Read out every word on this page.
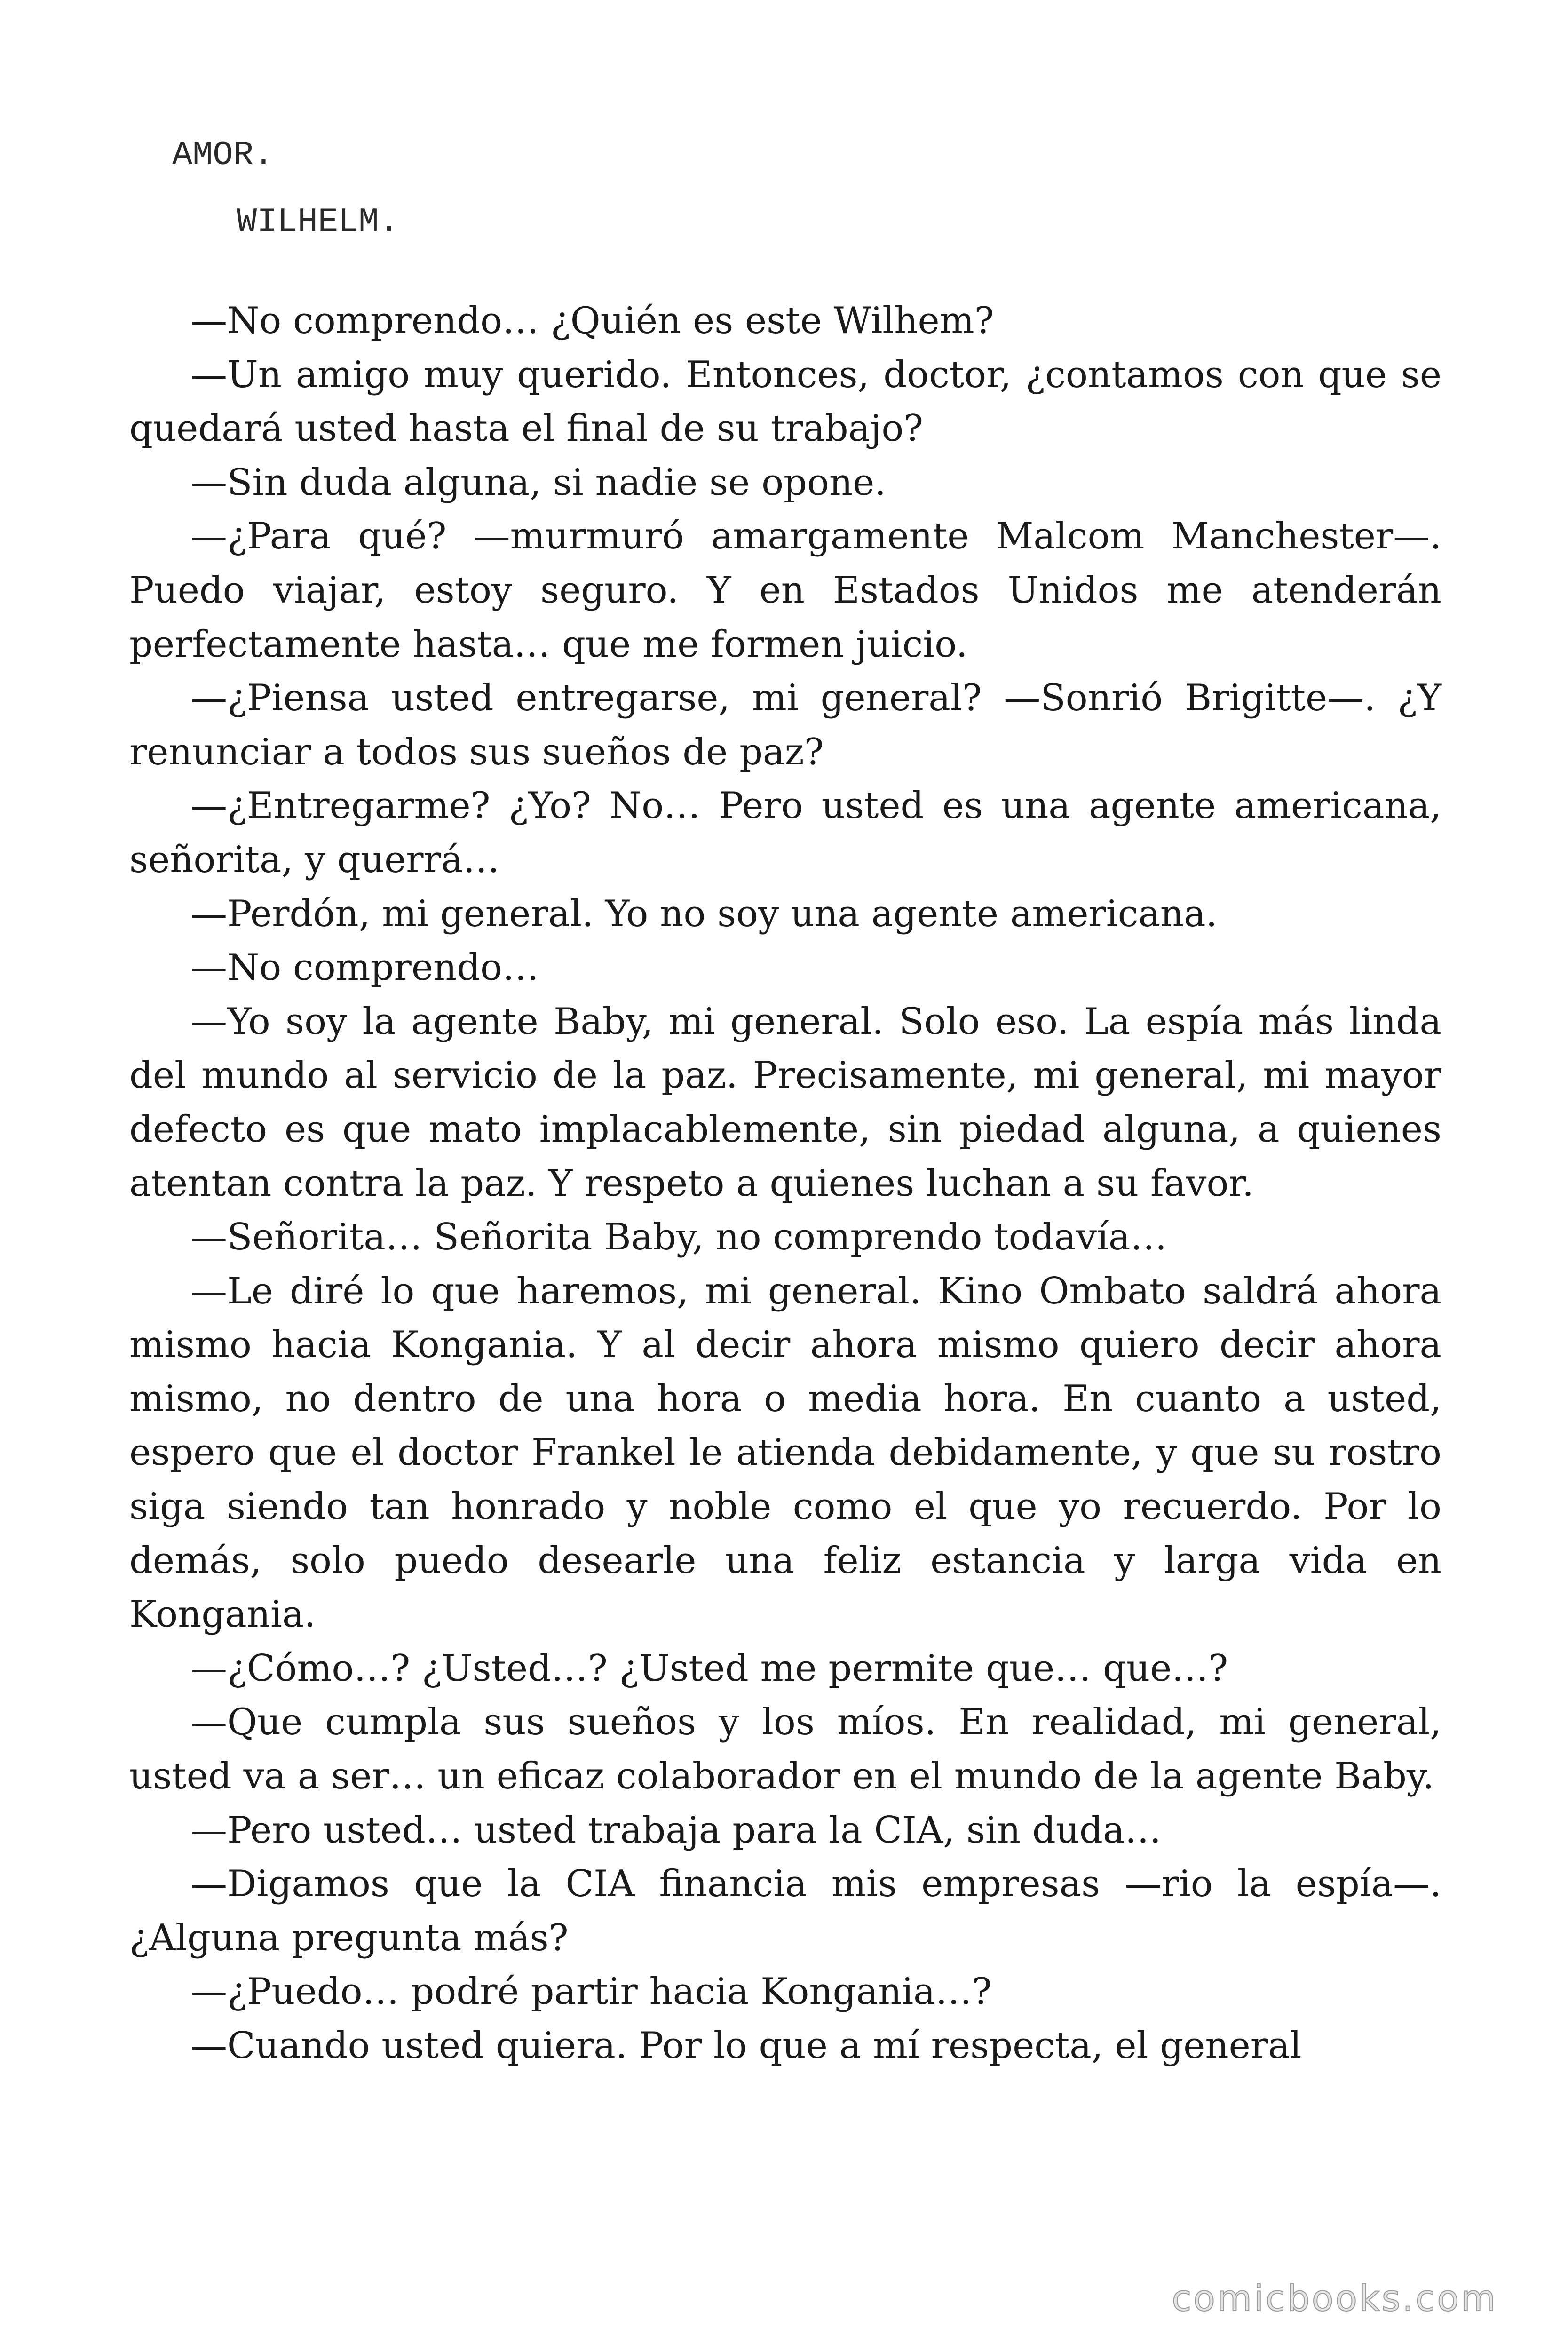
AMOR.
WILHELM.

—No comprendo… ¿Quién es este Wilhem?

—Un amigo muy querido. Entonces, doctor, ¿contamos con que se quedará usted hasta el final de su trabajo?

—Sin duda alguna, si nadie se opone.

—¿Para qué? —murmuró amargamente Malcom Manchester—. Puedo viajar, estoy seguro. Y en Estados Unidos me atenderán perfectamente hasta… que me formen juicio.

—¿Piensa usted entregarse, mi general? —Sonrió Brigitte—. ¿Y renunciar a todos sus sueños de paz?

—¿Entregarme? ¿Yo? No… Pero usted es una agente americana, señorita, y querrá…

—Perdón, mi general. Yo no soy una agente americana.

—No comprendo…

—Yo soy la agente Baby, mi general. Solo eso. La espía más linda del mundo al servicio de la paz. Precisamente, mi general, mi mayor defecto es que mato implacablemente, sin piedad alguna, a quienes atentan contra la paz. Y respeto a quienes luchan a su favor.

—Señorita… Señorita Baby, no comprendo todavía…

—Le diré lo que haremos, mi general. Kino Ombato saldrá ahora mismo hacia Kongania. Y al decir ahora mismo quiero decir ahora mismo, no dentro de una hora o media hora. En cuanto a usted, espero que el doctor Frankel le atienda debidamente, y que su rostro siga siendo tan honrado y noble como el que yo recuerdo. Por lo demás, solo puedo desearle una feliz estancia y larga vida en Kongania.

—¿Cómo…? ¿Usted…? ¿Usted me permite que… que…?

—Que cumpla sus sueños y los míos. En realidad, mi general, usted va a ser… un eficaz colaborador en el mundo de la agente Baby.

—Pero usted… usted trabaja para la CIA, sin duda…

—Digamos que la CIA financia mis empresas —rio la espía—. ¿Alguna pregunta más?

—¿Puedo… podré partir hacia Kongania…?

—Cuando usted quiera. Por lo que a mí respecta, el general

comicbooks.com
